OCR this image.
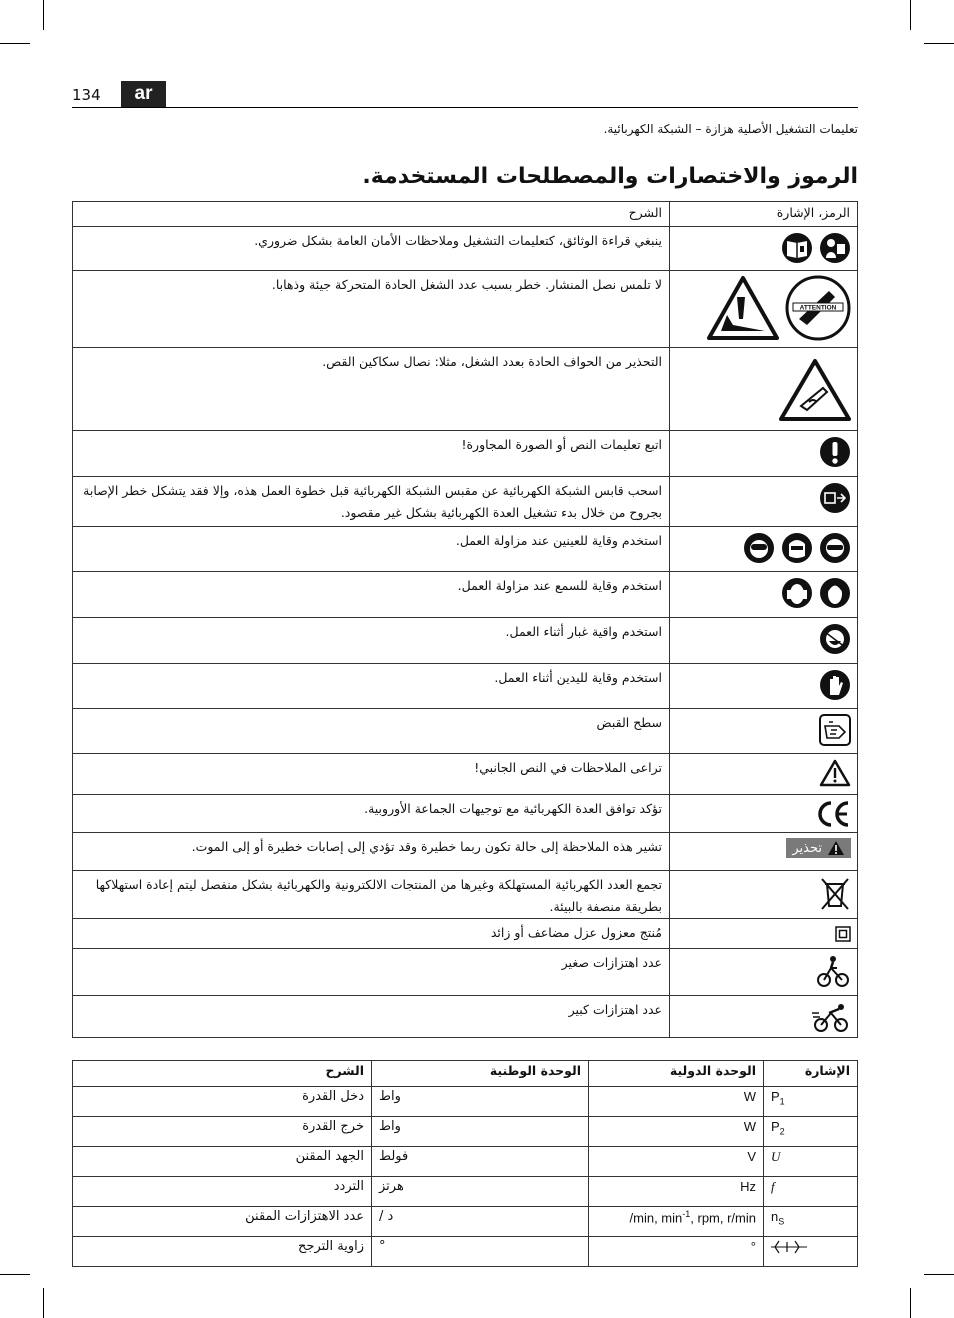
134	ar
تعليمات التشغيل الأصلية هزازة – الشبكة الكهربائية.
الرموز والاختصارات والمصطلحات المستخدمة.
الرمز، الإشارة	الشرح

	ينبغي قراءة الوثائق، كتعليمات التشغيل وملاحظات الأمان العامة بشكل ضروري.

ATTENTION	لا تلمس نصل المنشار. خطر بسبب عدد الشغل الحادة المتحركة جيئة وذهابا.

	التحذير من الحواف الحادة بعدد الشغل، مثلا: نصال سكاكين القص.

	اتبع تعليمات النص أو الصورة المجاورة!

	اسحب قابس الشبكة الكهربائية عن مقبس الشبكة الكهربائية قبل خطوة العمل هذه، وإلا فقد يتشكل خطر الإصابة بجروح من خلال بدء تشغيل العدة الكهربائية بشكل غير مقصود.

	استخدم وقاية للعينين عند مزاولة العمل.

	استخدم وقاية للسمع عند مزاولة العمل.

	استخدم واقية غبار أثناء العمل.

	استخدم وقاية لليدين أثناء العمل.

	سطح القبض

	تراعى الملاحظات في النص الجانبي!

	تؤكد توافق العدة الكهربائية مع توجيهات الجماعة الأوروبية.

تحذير	تشير هذه الملاحظة إلى حالة تكون ربما خطيرة وقد تؤدي إلى إصابات خطيرة أو إلى الموت.

	تجمع العدد الكهربائية المستهلكة وغيرها من المنتجات الالكترونية والكهربائية بشكل منفصل ليتم إعادة استهلاكها بطريقة منصفة بالبيئة.

	مُنتج معزول عزل مضاعف أو زائد

	عدد اهتزازات صغير

	عدد اهتزازات كبير
الإشارة	الوحدة الدولية	الوحدة الوطنية	الشرح
$P_1$	W	واط	دخل القدرة
$P_2$	W	واط	خرج القدرة
U	V	فولط	الجهد المقنن
f	Hz	هرتز	التردد
$n_S$	/min, $\min^{-1}$, rpm, r/min	د /	عدد الاهتزازات المقنن

	°	°	زاوية الترجح
